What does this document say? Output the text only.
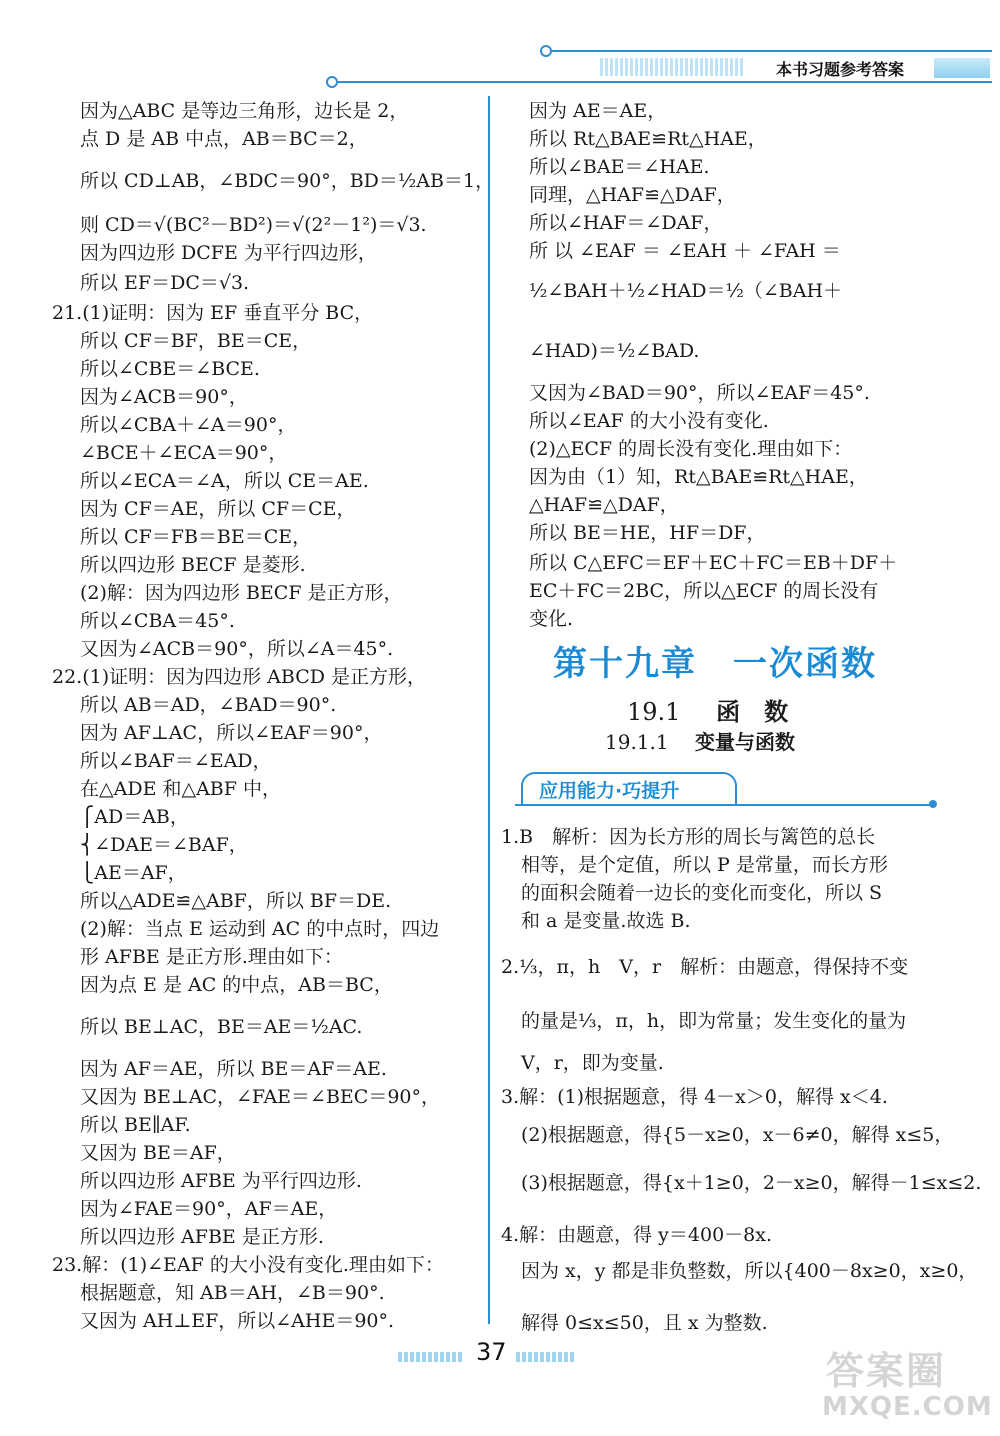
本书习题参考答案
因为△ABC 是等边三角形，边长是 2，
点 D 是 AB 中点，AB＝BC＝2，
所以 CD⊥AB，∠BDC＝90°，BD＝½AB＝1，
则 CD＝√(BC²－BD²)＝√(2²－1²)＝√3.
因为四边形 DCFE 为平行四边形，
所以 EF＝DC＝√3.
21.(1)证明：因为 EF 垂直平分 BC，
所以 CF＝BF，BE＝CE，
所以∠CBE＝∠BCE.
因为∠ACB＝90°，
所以∠CBA＋∠A＝90°，
∠BCE＋∠ECA＝90°，
所以∠ECA＝∠A，所以 CE＝AE.
因为 CF＝AE，所以 CF＝CE，
所以 CF＝FB＝BE＝CE，
所以四边形 BECF 是菱形.
(2)解：因为四边形 BECF 是正方形，
所以∠CBA＝45°.
又因为∠ACB＝90°，所以∠A＝45°.
22.(1)证明：因为四边形 ABCD 是正方形，
所以 AB＝AD，∠BAD＝90°.
因为 AF⊥AC，所以∠EAF＝90°，
所以∠BAF＝∠EAD，
在△ADE 和△ABF 中，
⎧AD＝AB，
⎨∠DAE＝∠BAF，
⎩AE＝AF，
所以△ADE≌△ABF，所以 BF＝DE.
(2)解：当点 E 运动到 AC 的中点时，四边
形 AFBE 是正方形.理由如下：
因为点 E 是 AC 的中点，AB＝BC，
所以 BE⊥AC，BE＝AE＝½AC.
因为 AF＝AE，所以 BE＝AF＝AE.
又因为 BE⊥AC，∠FAE＝∠BEC＝90°，
所以 BE∥AF.
又因为 BE＝AF，
所以四边形 AFBE 为平行四边形.
因为∠FAE＝90°，AF＝AE，
所以四边形 AFBE 是正方形.
23.解：(1)∠EAF 的大小没有变化.理由如下：
根据题意，知 AB＝AH，∠B＝90°.
又因为 AH⊥EF，所以∠AHE＝90°.
因为 AE＝AE，
所以 Rt△BAE≌Rt△HAE，
所以∠BAE＝∠HAE.
同理，△HAF≌△DAF，
所以∠HAF＝∠DAF，
所 以 ∠EAF ＝ ∠EAH ＋ ∠FAH ＝
½∠BAH＋½∠HAD＝½（∠BAH＋
∠HAD)＝½∠BAD.
又因为∠BAD＝90°，所以∠EAF＝45°.
所以∠EAF 的大小没有变化.
(2)△ECF 的周长没有变化.理由如下：
因为由（1）知，Rt△BAE≌Rt△HAE，
△HAF≌△DAF，
所以 BE＝HE，HF＝DF，
所以 C△EFC＝EF＋EC＋FC＝EB＋DF＋
EC＋FC＝2BC，所以△ECF 的周长没有
变化.
第十九章　一次函数
19.1 函　数
19.1.1 变量与函数
应用能力·巧提升
1.B　解析：因为长方形的周长与篱笆的总长
相等，是个定值，所以 P 是常量，而长方形
的面积会随着一边长的变化而变化，所以 S
和 a 是变量.故选 B.
2.⅓，π，h　V，r　解析：由题意，得保持不变
的量是⅓，π，h，即为常量；发生变化的量为
V，r，即为变量.
3.解：(1)根据题意，得 4－x＞0，解得 x＜4.
(2)根据题意，得{5－x≥0，x－6≠0，解得 x≤5，
(3)根据题意，得{x＋1≥0，2－x≥0，解得－1≤x≤2.
4.解：由题意，得 y＝400－8x.
因为 x，y 都是非负整数，所以{400－8x≥0，x≥0，
解得 0≤x≤50，且 x 为整数.
37	答案圈
MXQE.COM
